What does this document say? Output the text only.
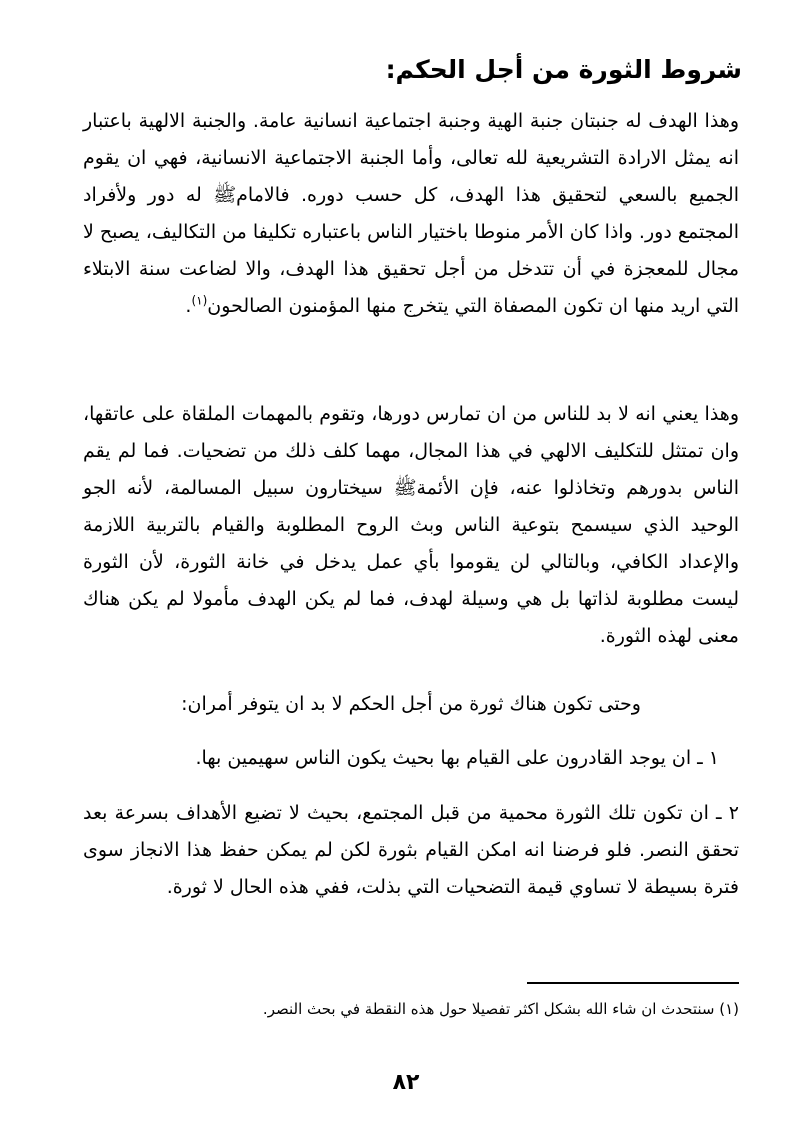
شروط الثورة من أجل الحكم:

وهذا الهدف له جنبتان جنبة الهية وجنبة اجتماعية انسانية عامة. والجنبة الالهية باعتبار انه يمثل الارادة التشريعية لله تعالى، وأما الجنبة الاجتماعية الانسانية، فهي ان يقوم الجميع بالسعي لتحقيق هذا الهدف، كل حسب دوره. فالامامﷺ له دور ولأفراد المجتمع دور. واذا كان الأمر منوطا باختيار الناس باعتباره تكليفا من التكاليف، يصبح لا مجال للمعجزة في أن تتدخل من أجل تحقيق هذا الهدف، والا لضاعت سنة الابتلاء التي اريد منها ان تكون المصفاة التي يتخرج منها المؤمنون الصالحون$^{(١)}$.

وهذا يعني انه لا بد للناس من ان تمارس دورها، وتقوم بالمهمات الملقاة على عاتقها، وان تمتثل للتكليف الالهي في هذا المجال، مهما كلف ذلك من تضحيات. فما لم يقم الناس بدورهم وتخاذلوا عنه، فإن الأئمةﷺ سيختارون سبيل المسالمة، لأنه الجو الوحيد الذي سيسمح بتوعية الناس وبث الروح المطلوبة والقيام بالتربية اللازمة والإعداد الكافي، وبالتالي لن يقوموا بأي عمل يدخل في خانة الثورة، لأن الثورة ليست مطلوبة لذاتها بل هي وسيلة لهدف، فما لم يكن الهدف مأمولا لم يكن هناك معنى لهذه الثورة.

وحتى تكون هناك ثورة من أجل الحكم لا بد ان يتوفر أمران:

١ ـ ان يوجد القادرون على القيام بها بحيث يكون الناس سهيمين بها.

٢ ـ ان تكون تلك الثورة محمية من قبل المجتمع، بحيث لا تضيع الأهداف بسرعة بعد تحقق النصر. فلو فرضنا انه امكن القيام بثورة لكن لم يمكن حفظ هذا الانجاز سوى فترة بسيطة لا تساوي قيمة التضحيات التي بذلت، ففي هذه الحال لا ثورة.

(١) سنتحدث ان شاء الله بشكل اكثر تفصيلا حول هذه النقطة في بحث النصر.

٨٢
